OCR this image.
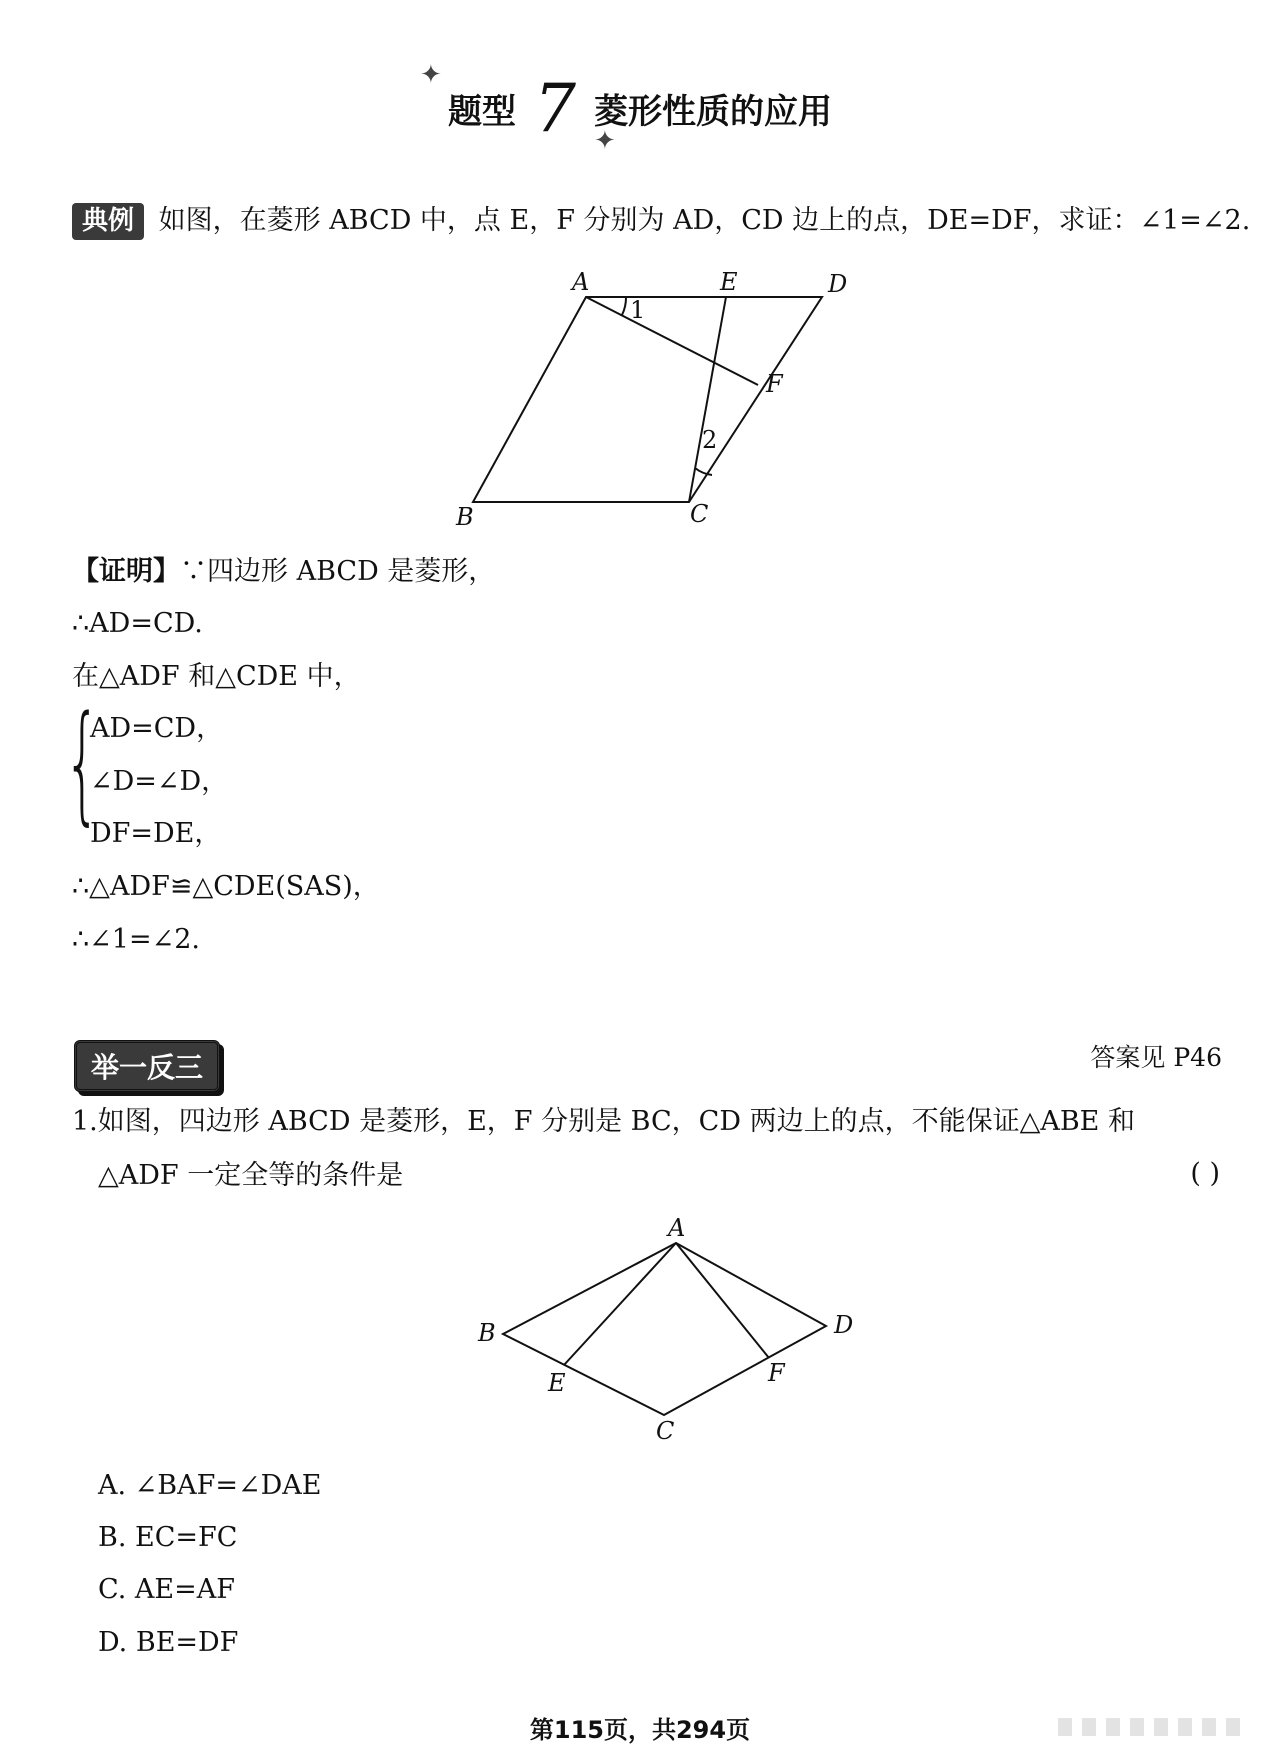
✦
题型 7 菱形性质的应用
✦
典例 如图，在菱形 ABCD 中，点 E，F 分别为 AD，CD 边上的点，DE=DF，求证：∠1=∠2.
A	E	D
F
B	C
1
2
【证明】∵四边形 ABCD 是菱形，
∴AD=CD.
在△ADF 和△CDE 中，
{
AD=CD，
∠D=∠D，
DF=DE，
∴△ADF≌△CDE(SAS)，
∴∠1=∠2.
举一反三	答案见 P46
1.如图，四边形 ABCD 是菱形，E，F 分别是 BC，CD 两边上的点，不能保证△ABE 和
△ADF 一定全等的条件是	( )
A
B	D
E	F
C
A. ∠BAF=∠DAE
B. EC=FC
C. AE=AF
D. BE=DF
第115页，共294页
